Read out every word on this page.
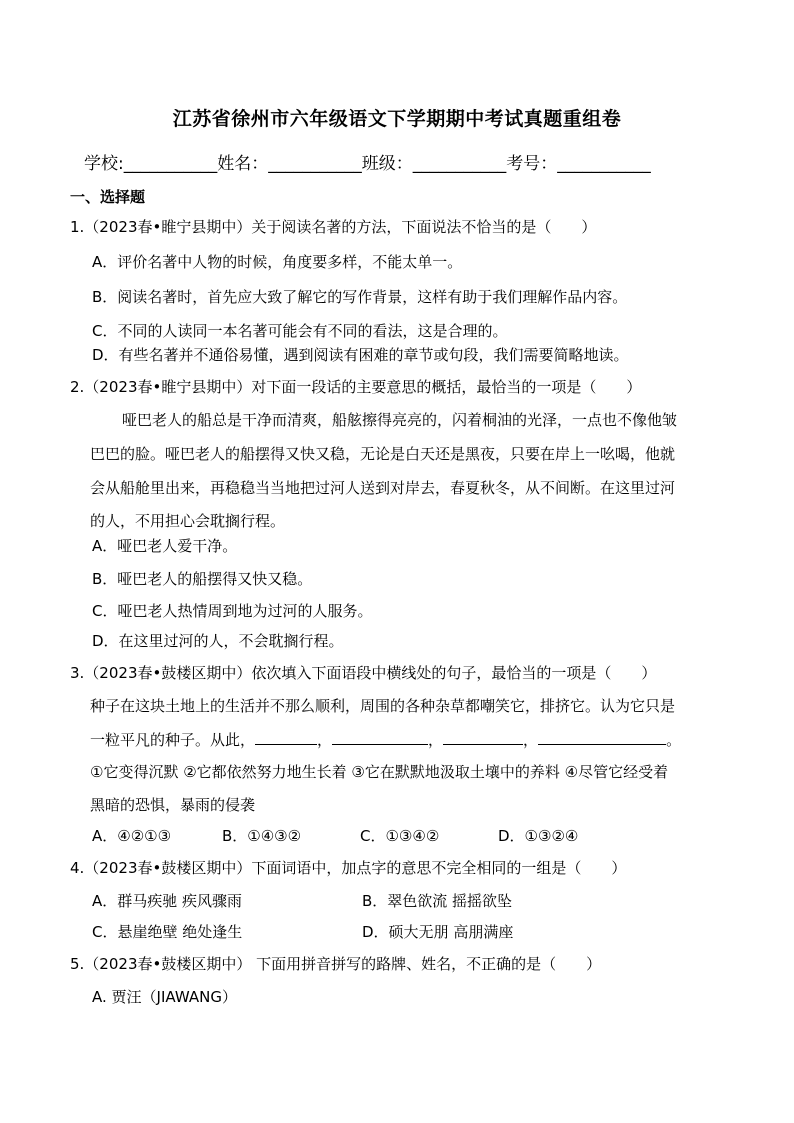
江苏省徐州市六年级语文下学期期中考试真题重组卷
学校:___________姓名：___________班级：___________考号：___________
一、选择题
1.（2023春•睢宁县期中）关于阅读名著的方法，下面说法不恰当的是（　　）
A．评价名著中人物的时候，角度要多样，不能太单一。
B．阅读名著时，首先应大致了解它的写作背景，这样有助于我们理解作品内容。
C．不同的人读同一本名著可能会有不同的看法，这是合理的。
D．有些名著并不通俗易懂，遇到阅读有困难的章节或句段，我们需要简略地读。
2.（2023春•睢宁县期中）对下面一段话的主要意思的概括，最恰当的一项是（　　）
哑巴老人的船总是干净而清爽，船舷擦得亮亮的，闪着桐油的光泽，一点也不像他皱
巴巴的脸。哑巴老人的船摆得又快又稳，无论是白天还是黑夜，只要在岸上一吆喝，他就
会从船舱里出来，再稳稳当当地把过河人送到对岸去，春夏秋冬，从不间断。在这里过河
的人，不用担心会耽搁行程。
A．哑巴老人爱干净。
B．哑巴老人的船摆得又快又稳。
C．哑巴老人热情周到地为过河的人服务。
D．在这里过河的人，不会耽搁行程。
3.（2023春•鼓楼区期中）依次填入下面语段中横线处的句子，最恰当的一项是（　　）
种子在这块土地上的生活并不那么顺利，周围的各种杂草都嘲笑它，排挤它。认为它只是
一粒平凡的种子。从此，	，	，	，	。
①它变得沉默 ②它都依然努力地生长着 ③它在默默地汲取土壤中的养料 ④尽管它经受着
黑暗的恐惧，暴雨的侵袭
A．④②①③	B．①④③②	C．①③④②	D．①③②④
4.（2023春•鼓楼区期中）下面词语中，加点字的意思不完全相同的一组是（　　）
A．群马疾驰 疾风骤雨	B．翠色欲流 摇摇欲坠
C．悬崖绝壁 绝处逢生	D．硕大无朋 高朋满座
5.（2023春•鼓楼区期中） 下面用拼音拼写的路牌、姓名，不正确的是（　　）
A. 贾汪（JIAWANG）
